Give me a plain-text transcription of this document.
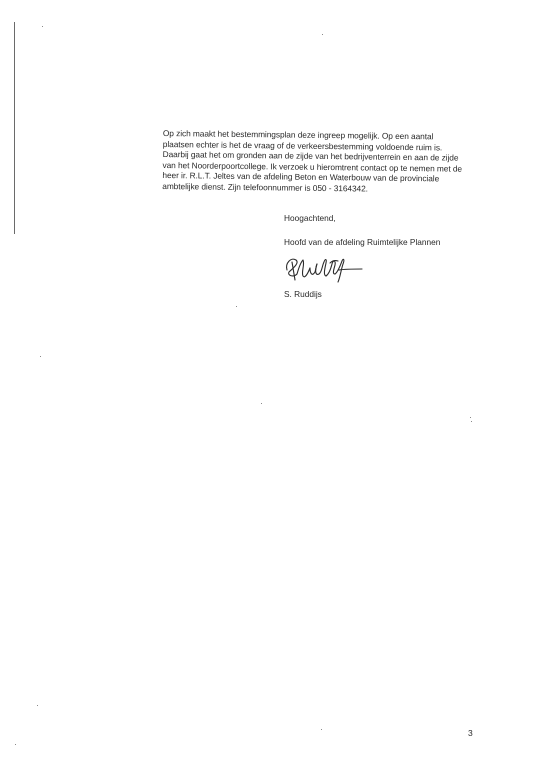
Op zich maakt het bestemmingsplan deze ingreep mogelijk. Op een aantal
plaatsen echter is het de vraag of de verkeersbestemming voldoende ruim is.
Daarbij gaat het om gronden aan de zijde van het bedrijventerrein en aan de zijde
van het Noorderpoortcollege. Ik verzoek u hieromtrent contact op te nemen met de
heer ir. R.L.T. Jeltes van de afdeling Beton en Waterbouw van de provinciale
ambtelijke dienst. Zijn telefoonnummer is 050 - 3164342.

Hoogachtend,

Hoofd van de afdeling Ruimtelijke Plannen

S. Ruddijs

3
